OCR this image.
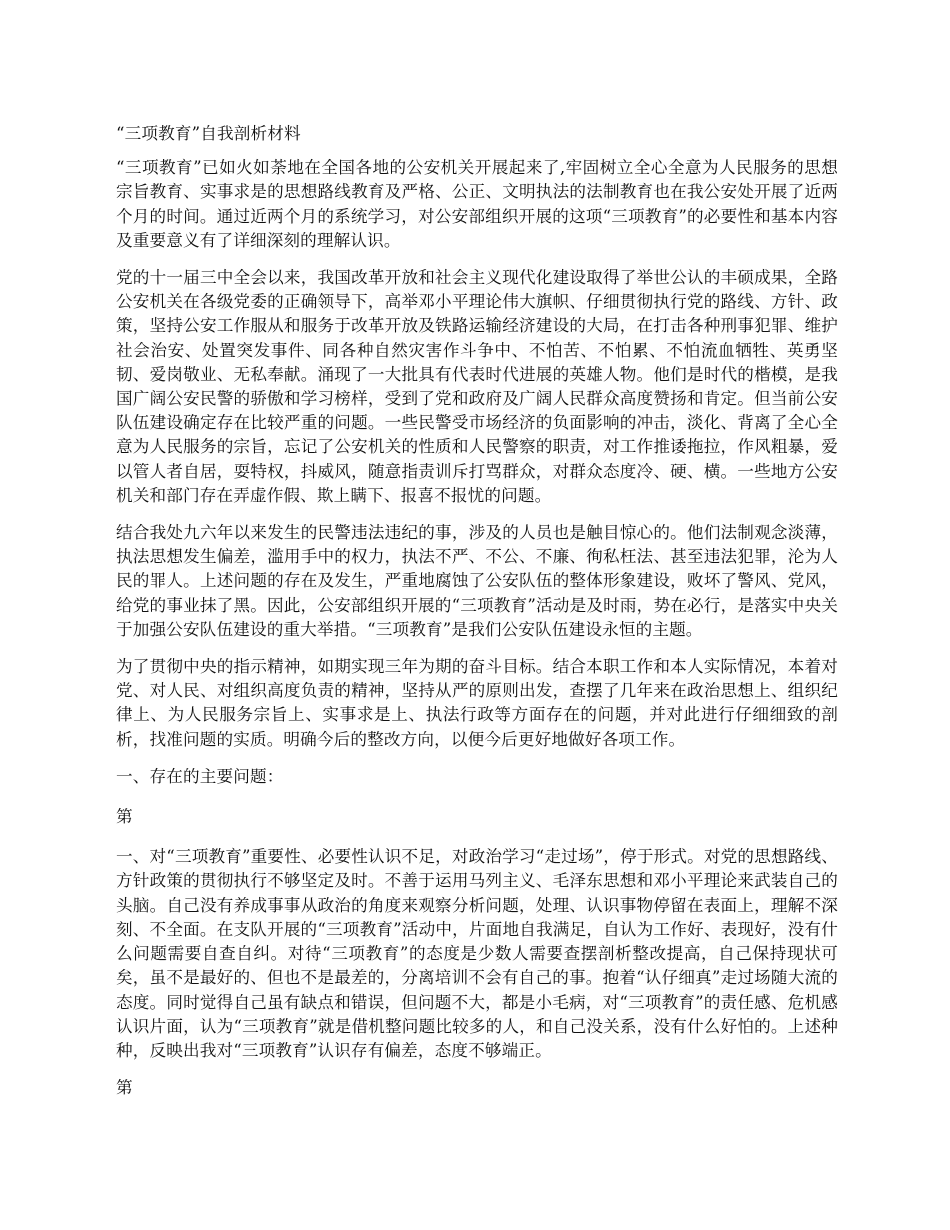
“三项教育”自我剖析材料

“三项教育”已如火如荼地在全国各地的公安机关开展起来了,牢固树立全心全意为人民服务的思想宗旨教育、实事求是的思想路线教育及严格、公正、文明执法的法制教育也在我公安处开展了近两个月的时间。通过近两个月的系统学习，对公安部组织开展的这项“三项教育”的必要性和基本内容及重要意义有了详细深刻的理解认识。

党的十一届三中全会以来，我国改革开放和社会主义现代化建设取得了举世公认的丰硕成果，全路公安机关在各级党委的正确领导下，高举邓小平理论伟大旗帜、仔细贯彻执行党的路线、方针、政策，坚持公安工作服从和服务于改革开放及铁路运输经济建设的大局，在打击各种刑事犯罪、维护社会治安、处置突发事件、同各种自然灾害作斗争中、不怕苦、不怕累、不怕流血牺牲、英勇坚韧、爱岗敬业、无私奉献。涌现了一大批具有代表时代进展的英雄人物。他们是时代的楷模，是我国广阔公安民警的骄傲和学习榜样，受到了党和政府及广阔人民群众高度赞扬和肯定。但当前公安队伍建设确定存在比较严重的问题。一些民警受市场经济的负面影响的冲击，淡化、背离了全心全意为人民服务的宗旨，忘记了公安机关的性质和人民警察的职责，对工作推诿拖拉，作风粗暴，爱以管人者自居，耍特权，抖威风，随意指责训斥打骂群众，对群众态度冷、硬、横。一些地方公安机关和部门存在弄虚作假、欺上瞒下、报喜不报忧的问题。

结合我处九六年以来发生的民警违法违纪的事，涉及的人员也是触目惊心的。他们法制观念淡薄，执法思想发生偏差，滥用手中的权力，执法不严、不公、不廉、徇私枉法、甚至违法犯罪，沦为人民的罪人。上述问题的存在及发生，严重地腐蚀了公安队伍的整体形象建设，败坏了警风、党风，给党的事业抹了黑。因此，公安部组织开展的“三项教育”活动是及时雨，势在必行，是落实中央关于加强公安队伍建设的重大举措。“三项教育”是我们公安队伍建设永恒的主题。

为了贯彻中央的指示精神，如期实现三年为期的奋斗目标。结合本职工作和本人实际情况，本着对党、对人民、对组织高度负责的精神，坚持从严的原则出发，查摆了几年来在政治思想上、组织纪律上、为人民服务宗旨上、实事求是上、执法行政等方面存在的问题，并对此进行仔细细致的剖析，找准问题的实质。明确今后的整改方向，以便今后更好地做好各项工作。

一、存在的主要问题：

第

一、对“三项教育”重要性、必要性认识不足，对政治学习“走过场”，停于形式。对党的思想路线、方针政策的贯彻执行不够坚定及时。不善于运用马列主义、毛泽东思想和邓小平理论来武装自己的头脑。自己没有养成事事从政治的角度来观察分析问题，处理、认识事物停留在表面上，理解不深刻、不全面。在支队开展的“三项教育”活动中，片面地自我满足，自认为工作好、表现好，没有什么问题需要自查自纠。对待“三项教育”的态度是少数人需要查摆剖析整改提高，自己保持现状可矣，虽不是最好的、但也不是最差的，分离培训不会有自己的事。抱着“认仔细真”走过场随大流的态度。同时觉得自己虽有缺点和错误，但问题不大，都是小毛病，对“三项教育”的责任感、危机感认识片面，认为“三项教育”就是借机整问题比较多的人，和自己没关系，没有什么好怕的。上述种种，反映出我对“三项教育”认识存有偏差，态度不够端正。

第
